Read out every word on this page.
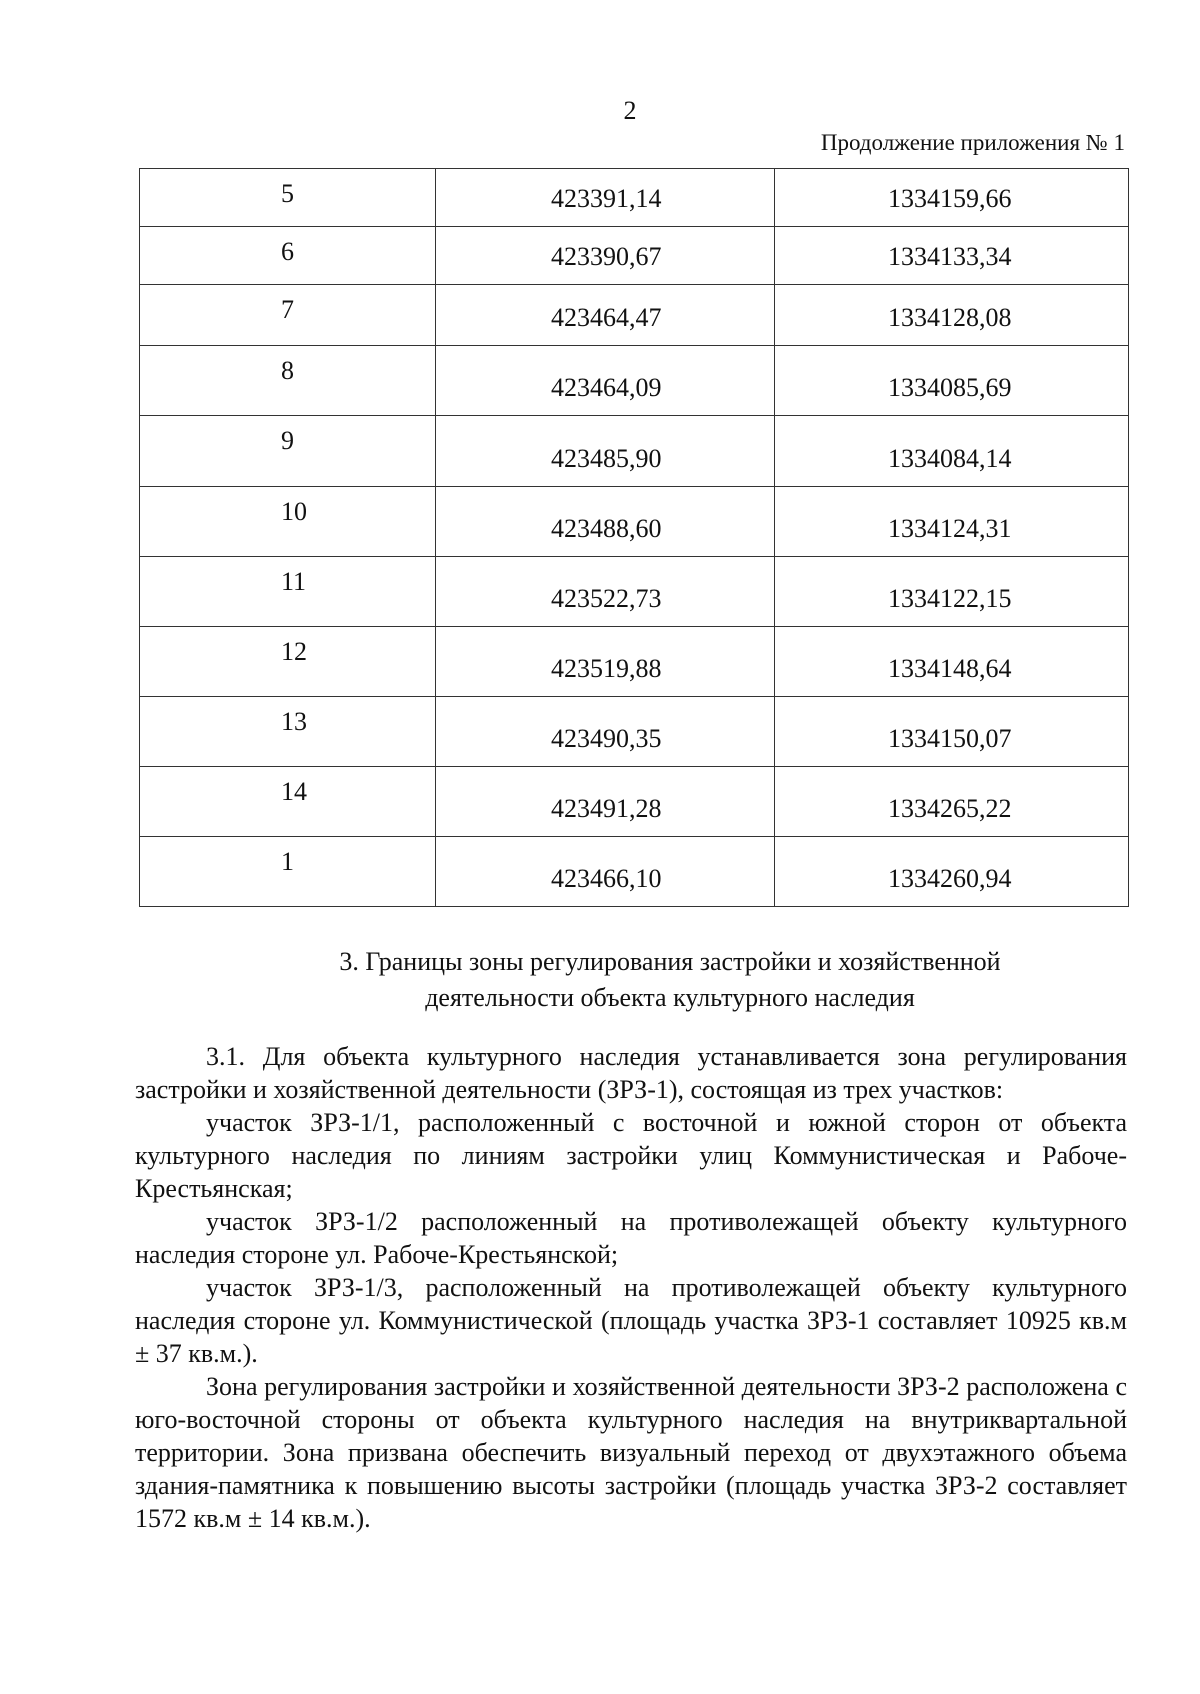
2
Продолжение приложения № 1
5	423391,14	1334159,66

6	423390,67	1334133,34

7	423464,47	1334128,08

8	423464,09	1334085,69

9	423485,90	1334084,14

10	423488,60	1334124,31

11	423522,73	1334122,15

12	423519,88	1334148,64

13	423490,35	1334150,07

14	423491,28	1334265,22

1	423466,10	1334260,94
3. Границы зоны регулирования застройки и хозяйственной
деятельности объекта культурного наследия

3.1. Для объекта культурного наследия устанавливается зона регулирования застройки и хозяйственной деятельности (ЗРЗ-1), состоящая из трех участков:

участок ЗРЗ-1/1, расположенный с восточной и южной сторон от объекта культурного наследия по линиям застройки улиц Коммунистическая и Рабоче-Крестьянская;

участок ЗРЗ-1/2 расположенный на противолежащей объекту культурного наследия стороне ул. Рабоче-Крестьянской;

участок ЗРЗ-1/3, расположенный на противолежащей объекту культурного наследия стороне ул. Коммунистической (площадь участка ЗРЗ-1 составляет 10925 кв.м ± 37 кв.м.).

Зона регулирования застройки и хозяйственной деятельности ЗРЗ-2 расположена с юго-восточной стороны от объекта культурного наследия на внутриквартальной территории. Зона призвана обеспечить визуальный переход от двухэтажного объема здания-памятника к повышению высоты застройки (площадь участка ЗРЗ-2 составляет 1572 кв.м ± 14 кв.м.).
